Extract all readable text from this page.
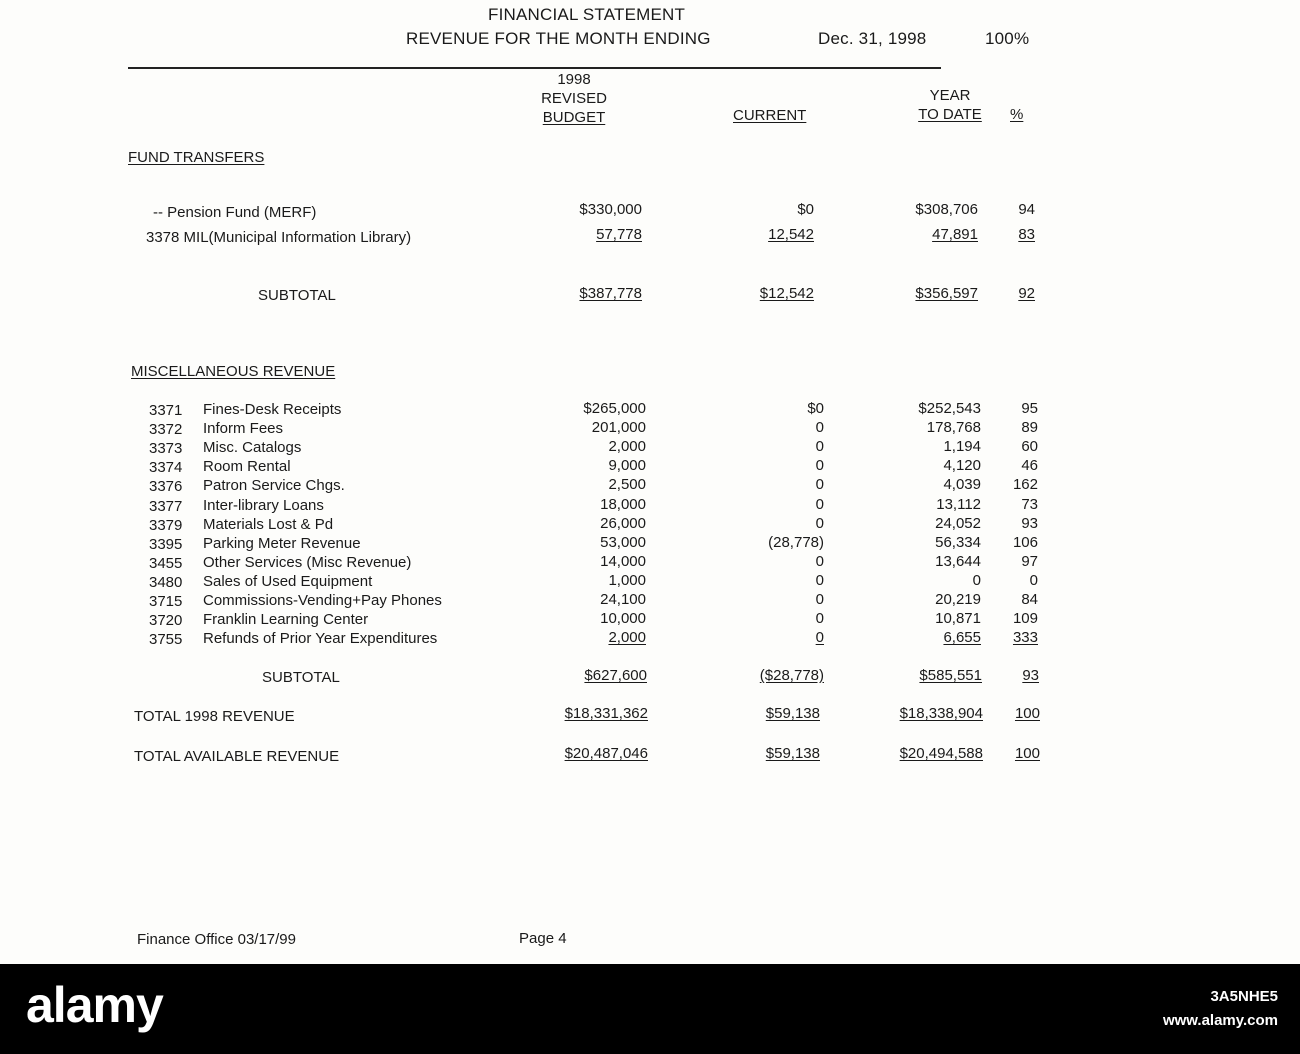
FINANCIAL STATEMENT
REVENUE FOR THE MONTH ENDING	Dec. 31, 1998	100%
1998
REVISED
BUDGET	CURRENT
YEAR
TO DATE	%
FUND TRANSFERS
-- Pension Fund (MERF)	$330,000	$0	$308,706	94
3378 MIL(Municipal Information Library)	57,778	12,542	47,891	83
SUBTOTAL	$387,778	$12,542	$356,597	92
MISCELLANEOUS REVENUE
3371 Fines-Desk Receipts	$265,000	$0	$252,543	95
3372 Inform Fees	201,000	0	178,768	89
3373 Misc. Catalogs	2,000	0	1,194	60
3374 Room Rental	9,000	0	4,120	46
3376 Patron Service Chgs.	2,500	0	4,039 162
3377 Inter-library Loans	18,000	0	13,112	73
3379 Materials Lost & Pd	26,000	0	24,052	93
3395 Parking Meter Revenue	53,000	(28,778)	56,334 106
3455 Other Services (Misc Revenue)	14,000	0	13,644	97
3480 Sales of Used Equipment	1,000	0	0	0
3715 Commissions-Vending+Pay Phones	24,100	0	20,219	84
3720 Franklin Learning Center	10,000	0	10,871 109
3755 Refunds of Prior Year Expenditures	2,000	0	6,655 333
SUBTOTAL	$627,600	($28,778)	$585,551	93
TOTAL 1998 REVENUE	$18,331,362	$59,138	$18,338,904 100
TOTAL AVAILABLE REVENUE	$20,487,046	$59,138	$20,494,588 100
Finance Office 03/17/99	Page 4
alamy	3A5NHE5
www.alamy.com
